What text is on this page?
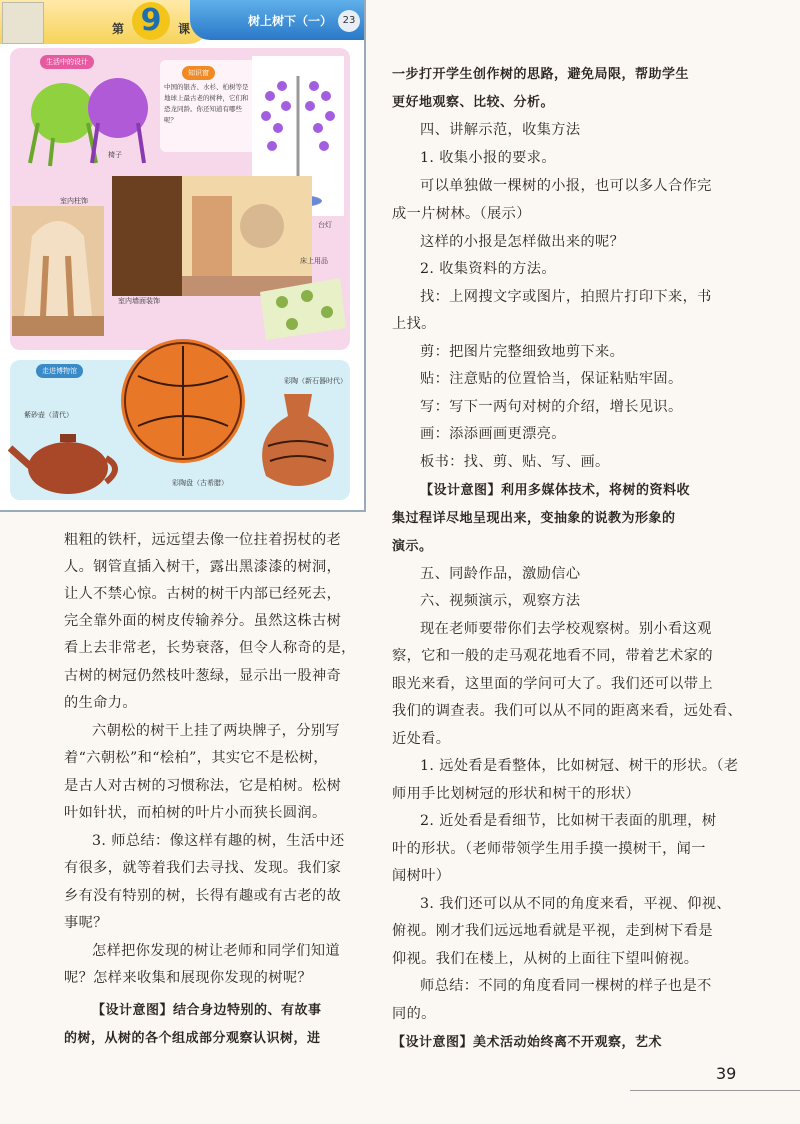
第 9	课
树上树下（一）	23
生活中的设计
椅子
知识窗
中国的银杏、水杉、柏树等是地球上最古老的树种，它们和恐龙同龄。你还知道有哪些呢？
台灯
室内柱饰
室内墙面装饰
床上用品
走进博物馆
紫砂壶（清代）
彩陶盘（古希腊）
彩陶（新石器时代）
粗粗的铁杆，远远望去像一位拄着拐杖的老
人。钢管直插入树干，露出黑漆漆的树洞，
让人不禁心惊。古树的树干内部已经死去，
完全靠外面的树皮传输养分。虽然这株古树
看上去非常老，长势衰落，但令人称奇的是，
古树的树冠仍然枝叶葱绿，显示出一股神奇
的生命力。
六朝松的树干上挂了两块牌子，分别写
着“六朝松”和“桧柏”，其实它不是松树，
是古人对古树的习惯称法，它是柏树。松树
叶如针状，而柏树的叶片小而狭长圆润。
3. 师总结：像这样有趣的树，生活中还
有很多，就等着我们去寻找、发现。我们家
乡有没有特别的树，长得有趣或有古老的故
事呢？
怎样把你发现的树让老师和同学们知道
呢？怎样来收集和展现你发现的树呢？
【设计意图】结合身边特别的、有故事
的树，从树的各个组成部分观察认识树，进
一步打开学生创作树的思路，避免局限，帮助学生
更好地观察、比较、分析。
四、讲解示范，收集方法
1. 收集小报的要求。
可以单独做一棵树的小报，也可以多人合作完
成一片树林。（展示）
这样的小报是怎样做出来的呢？
2. 收集资料的方法。
找：上网搜文字或图片，拍照片打印下来，书
上找。
剪：把图片完整细致地剪下来。
贴：注意贴的位置恰当，保证粘贴牢固。
写：写下一两句对树的介绍，增长见识。
画：添添画画更漂亮。
板书：找、剪、贴、写、画。
【设计意图】利用多媒体技术，将树的资料收
集过程详尽地呈现出来，变抽象的说教为形象的
演示。
五、同龄作品，激励信心
六、视频演示，观察方法
现在老师要带你们去学校观察树。别小看这观
察，它和一般的走马观花地看不同，带着艺术家的
眼光来看，这里面的学问可大了。我们还可以带上
我们的调查表。我们可以从不同的距离来看，远处看、
近处看。
1. 远处看是看整体，比如树冠、树干的形状。（老
师用手比划树冠的形状和树干的形状）
2. 近处看是看细节，比如树干表面的肌理，树
叶的形状。（老师带领学生用手摸一摸树干，闻一
闻树叶）
3. 我们还可以从不同的角度来看，平视、仰视、
俯视。刚才我们远远地看就是平视，走到树下看是
仰视。我们在楼上，从树的上面往下望叫俯视。
师总结：不同的角度看同一棵树的样子也是不
同的。
【设计意图】美术活动始终离不开观察，艺术
39
